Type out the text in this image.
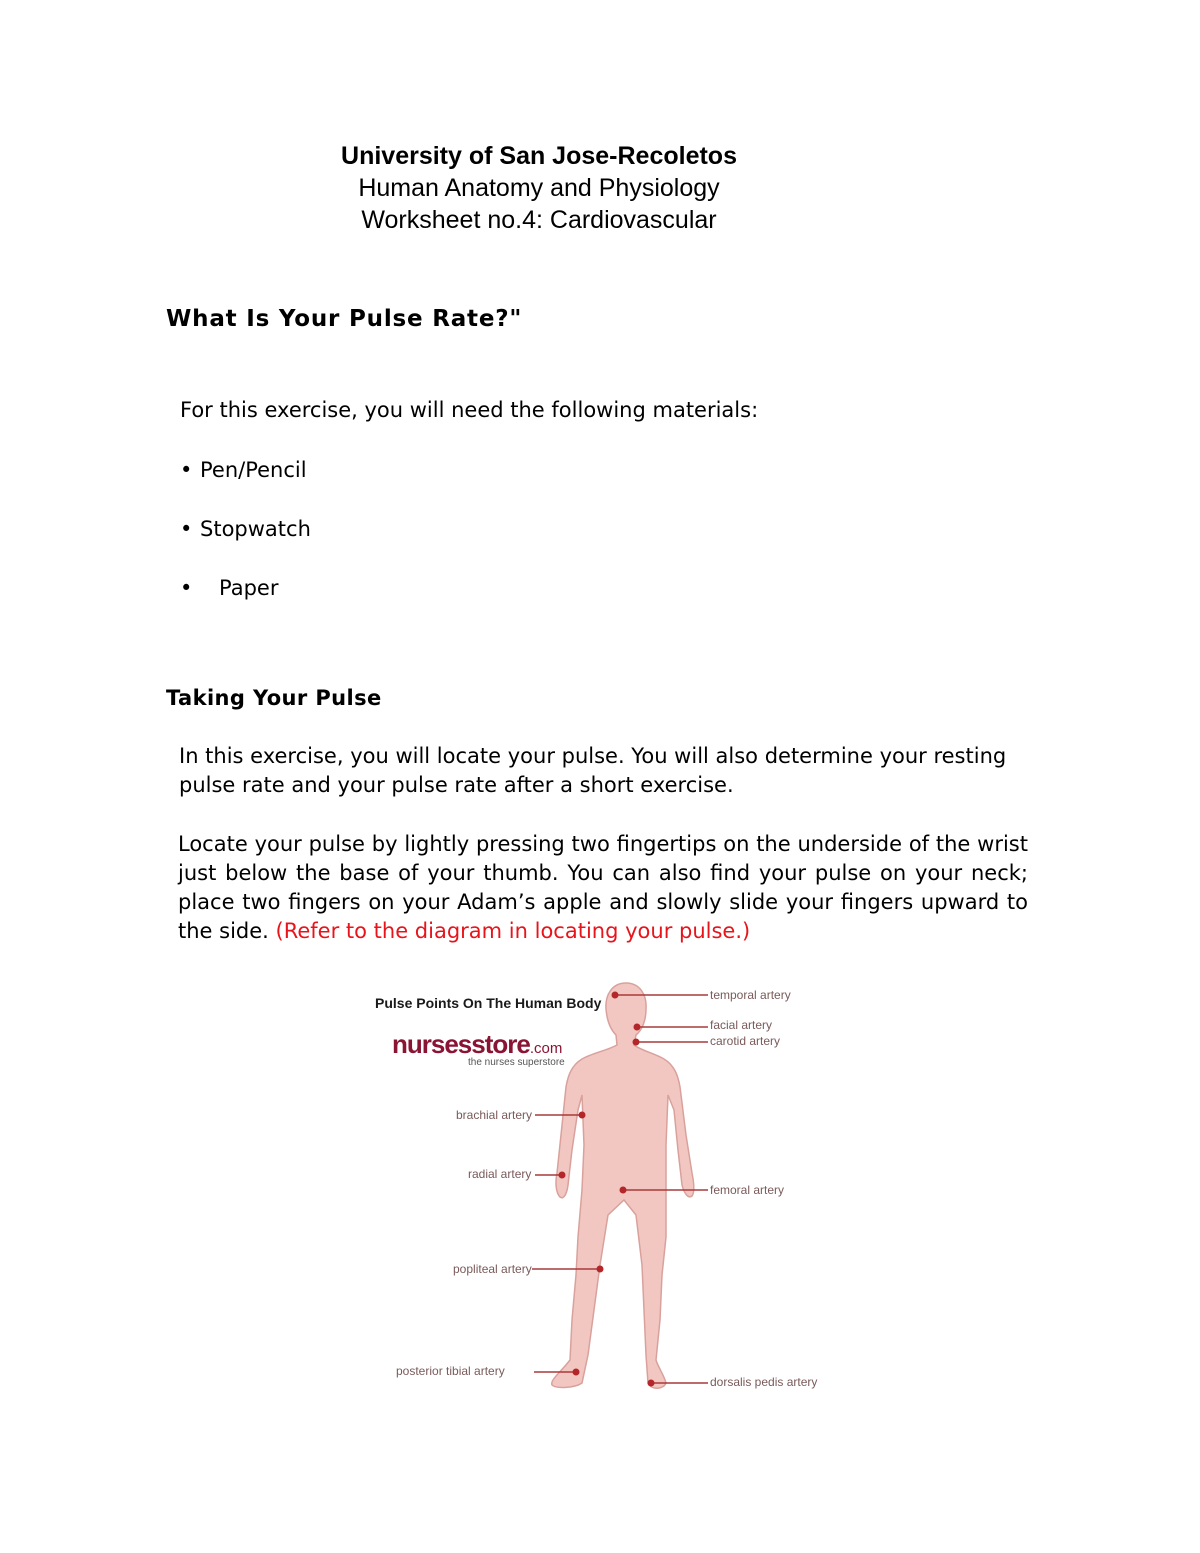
University of San Jose-Recoletos
Human Anatomy and Physiology
Worksheet no.4: Cardiovascular
What Is Your Pulse Rate?"
For this exercise, you will need the following materials:
• Pen/Pencil
• Stopwatch
• Paper
Taking Your Pulse
In this exercise, you will locate your pulse. You will also determine your resting pulse rate and your pulse rate after a short exercise.
Locate your pulse by lightly pressing two fingertips on the underside of the wrist just below the base of your thumb. You can also find your pulse on your neck; place two fingers on your Adam’s apple and slowly slide your fingers upward to the side. (Refer to the diagram in locating your pulse.)
Pulse Points On The Human Body
nursesstore.com
the nurses superstore
temporal artery
facial artery
carotid artery
brachial artery
radial artery
femoral artery
popliteal artery
posterior tibial artery
dorsalis pedis artery
